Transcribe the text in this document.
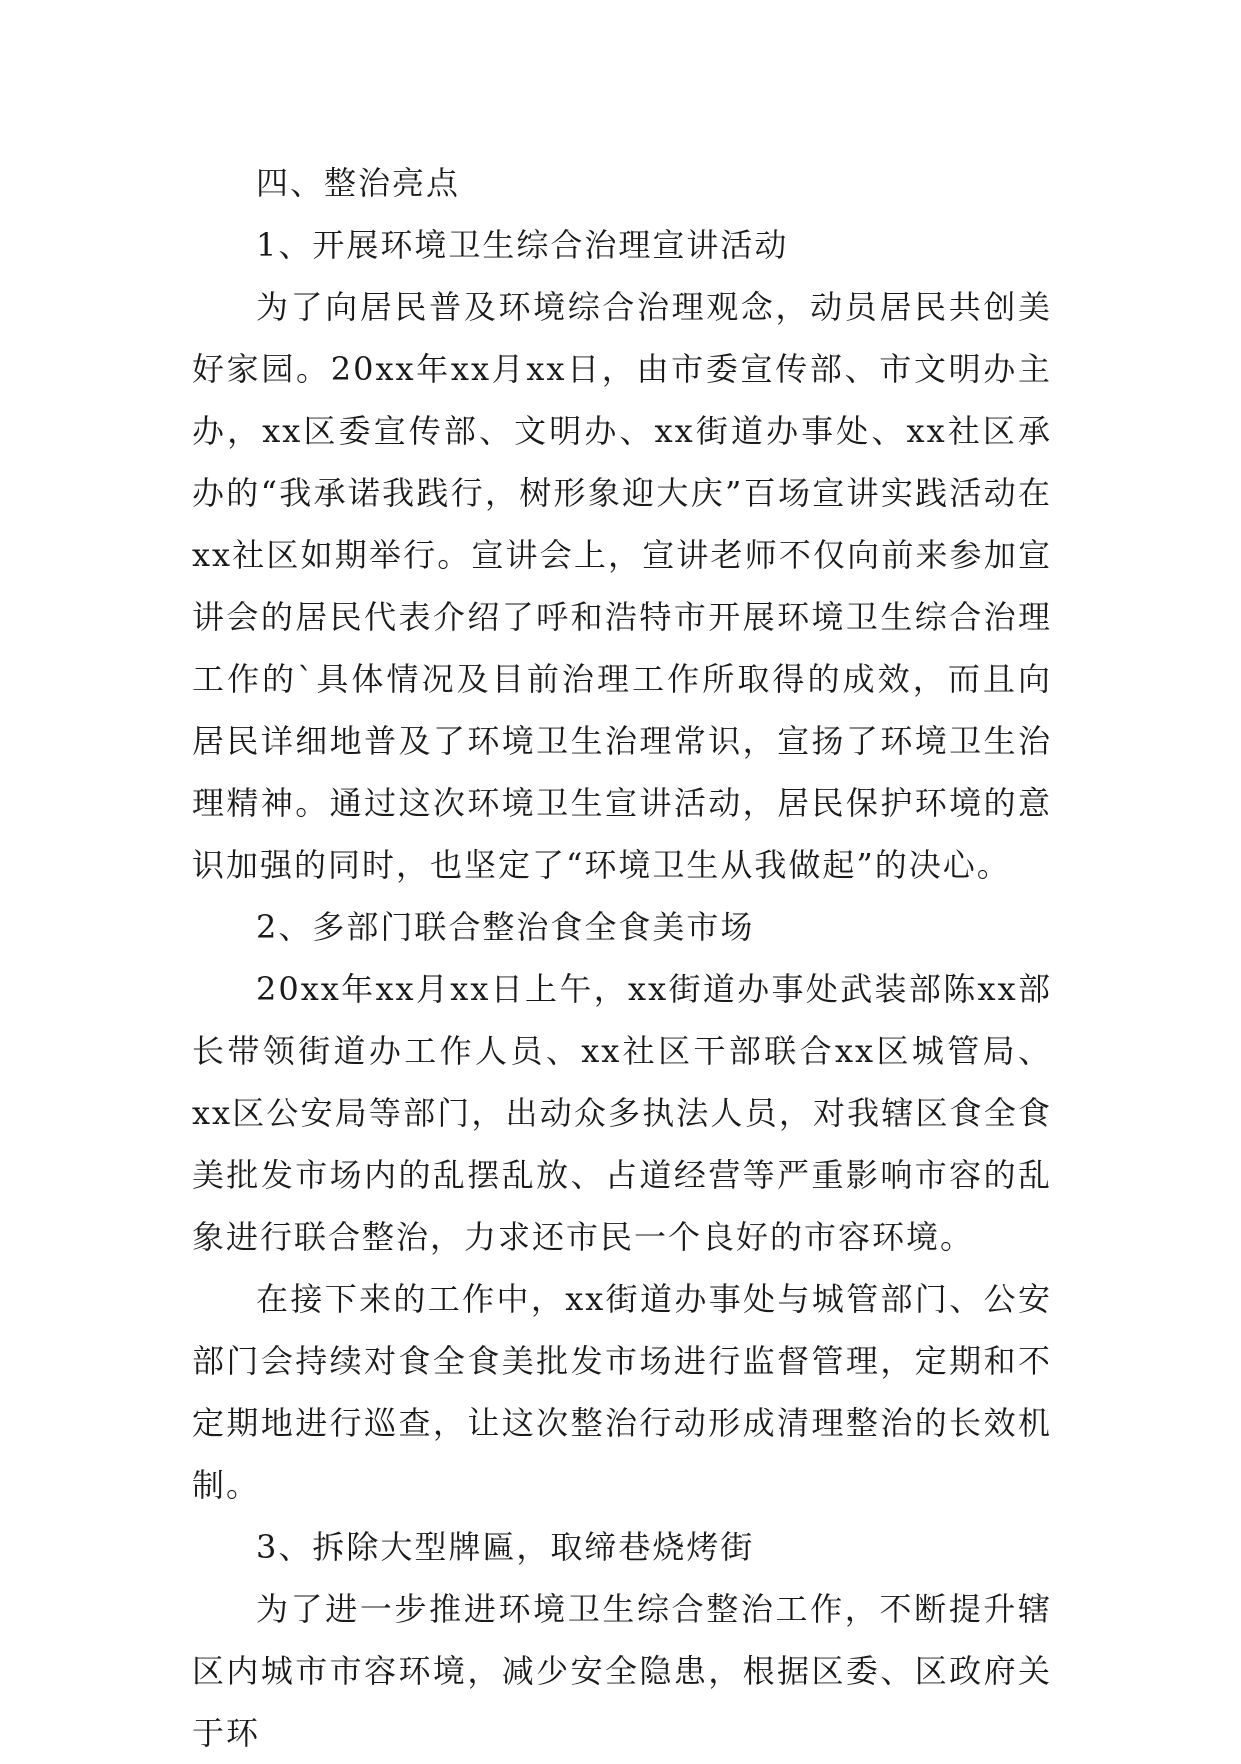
四、整治亮点

1、开展环境卫生综合治理宣讲活动

为了向居民普及环境综合治理观念，动员居民共创美好家园。20xx年xx月xx日，由市委宣传部、市文明办主办，xx区委宣传部、文明办、xx街道办事处、xx社区承办的“我承诺我践行，树形象迎大庆”百场宣讲实践活动在xx社区如期举行。宣讲会上，宣讲老师不仅向前来参加宣讲会的居民代表介绍了呼和浩特市开展环境卫生综合治理工作的`具体情况及目前治理工作所取得的成效，而且向居民详细地普及了环境卫生治理常识，宣扬了环境卫生治理精神。通过这次环境卫生宣讲活动，居民保护环境的意识加强的同时，也坚定了“环境卫生从我做起”的决心。

2、多部门联合整治食全食美市场

20xx年xx月xx日上午，xx街道办事处武装部陈xx部长带领街道办工作人员、xx社区干部联合xx区城管局、xx区公安局等部门，出动众多执法人员，对我辖区食全食美批发市场内的乱摆乱放、占道经营等严重影响市容的乱象进行联合整治，力求还市民一个良好的市容环境。

在接下来的工作中，xx街道办事处与城管部门、公安部门会持续对食全食美批发市场进行监督管理，定期和不定期地进行巡查，让这次整治行动形成清理整治的长效机制。

3、拆除大型牌匾，取缔巷烧烤街

为了进一步推进环境卫生综合整治工作，不断提升辖区内城市市容环境，减少安全隐患，根据区委、区政府关于环
